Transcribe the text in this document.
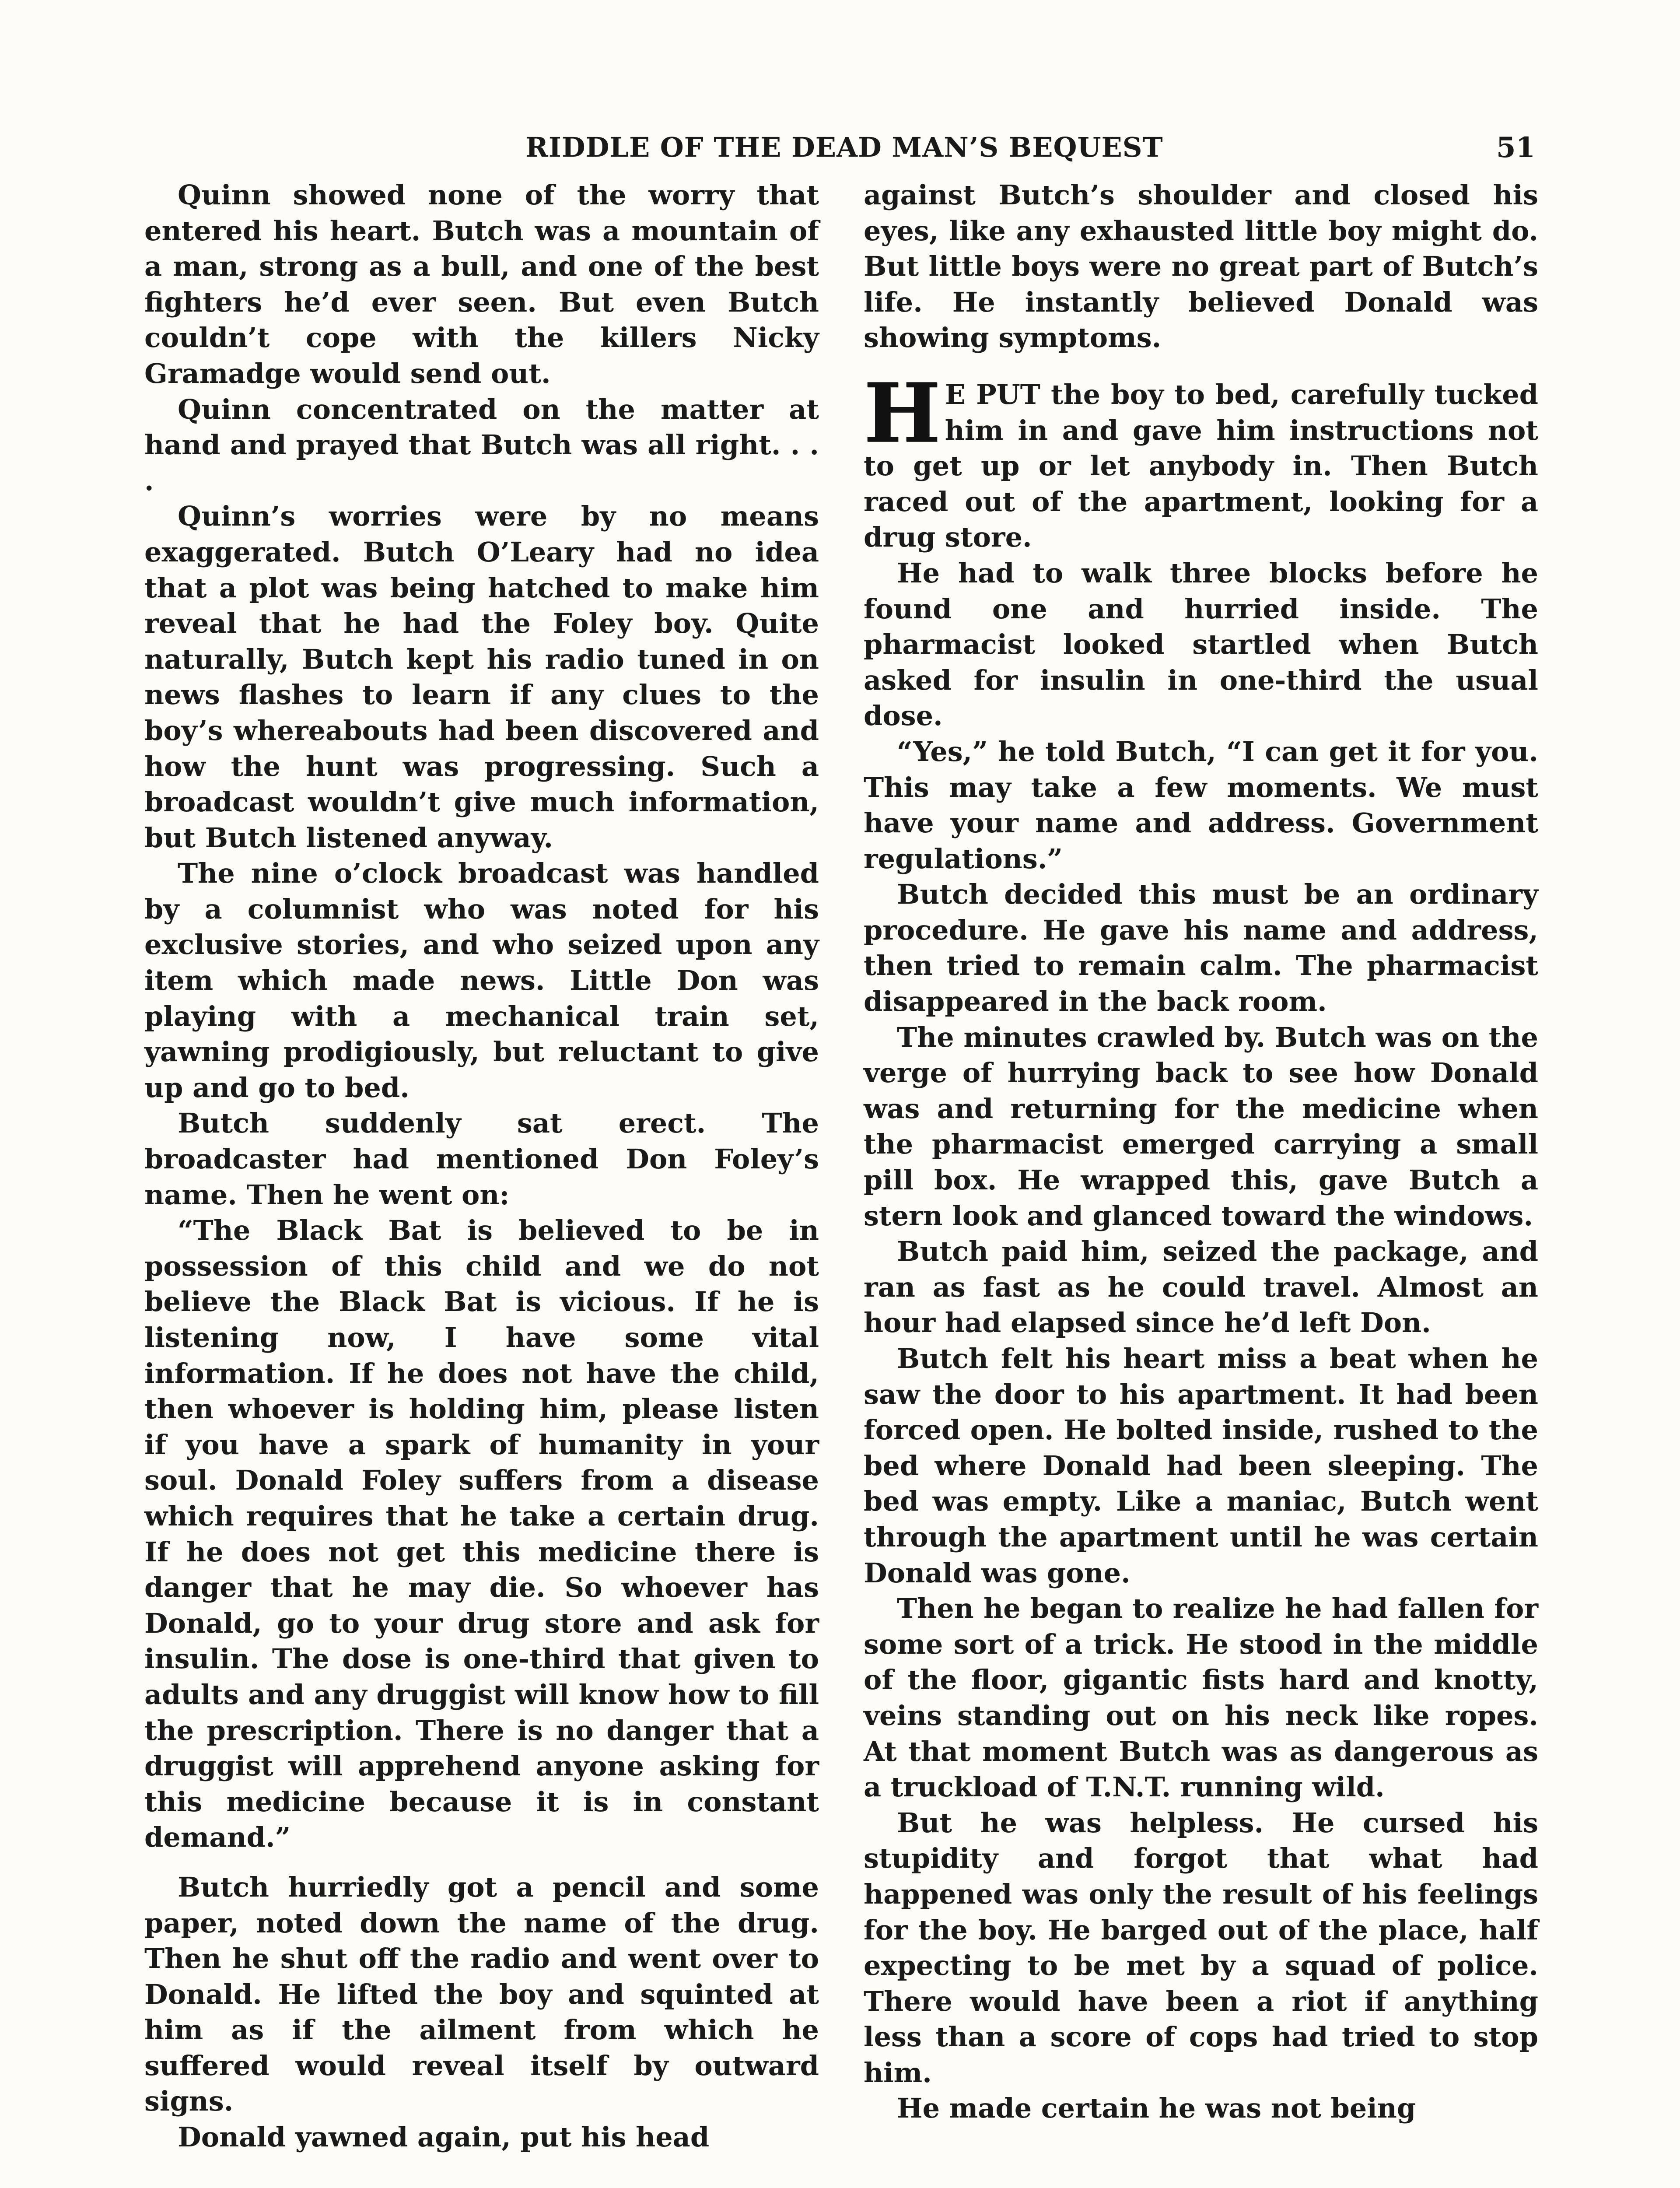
RIDDLE OF THE DEAD MAN’S BEQUEST	51

Quinn showed none of the worry that entered his heart. Butch was a mountain of a man, strong as a bull, and one of the best fighters he’d ever seen. But even Butch couldn’t cope with the killers Nicky Gramadge would send out.

Quinn concentrated on the matter at hand and prayed that Butch was all right. . . .

Quinn’s worries were by no means exaggerated. Butch O’Leary had no idea that a plot was being hatched to make him reveal that he had the Foley boy. Quite naturally, Butch kept his radio tuned in on news flashes to learn if any clues to the boy’s whereabouts had been discovered and how the hunt was progressing. Such a broadcast wouldn’t give much information, but Butch listened anyway.

The nine o’clock broadcast was handled by a columnist who was noted for his exclusive stories, and who seized upon any item which made news. Little Don was playing with a mechanical train set, yawning prodigiously, but reluctant to give up and go to bed.

Butch suddenly sat erect. The broadcaster had mentioned Don Foley’s name. Then he went on:

“The Black Bat is believed to be in possession of this child and we do not believe the Black Bat is vicious. If he is listening now, I have some vital information. If he does not have the child, then whoever is holding him, please listen if you have a spark of humanity in your soul. Donald Foley suffers from a disease which requires that he take a certain drug. If he does not get this medicine there is danger that he may die. So whoever has Donald, go to your drug store and ask for insulin. The dose is one-third that given to adults and any druggist will know how to fill the prescription. There is no danger that a druggist will apprehend anyone asking for this medicine because it is in constant demand.”

Butch hurriedly got a pencil and some paper, noted down the name of the drug. Then he shut off the radio and went over to Donald. He lifted the boy and squinted at him as if the ailment from which he suffered would reveal itself by outward signs.

Donald yawned again, put his head

against Butch’s shoulder and closed his eyes, like any exhausted little boy might do. But little boys were no great part of Butch’s life. He instantly believed Donald was showing symptoms.

H E PUT the boy to bed, carefully tucked him in and gave him instructions not to get up or let anybody in. Then Butch raced out of the apartment, looking for a drug store.

He had to walk three blocks before he found one and hurried inside. The pharmacist looked startled when Butch asked for insulin in one-third the usual dose.

“Yes,” he told Butch, “I can get it for you. This may take a few moments. We must have your name and address. Government regulations.”

Butch decided this must be an ordinary procedure. He gave his name and address, then tried to remain calm. The pharmacist disappeared in the back room.

The minutes crawled by. Butch was on the verge of hurrying back to see how Donald was and returning for the medicine when the pharmacist emerged carrying a small pill box. He wrapped this, gave Butch a stern look and glanced toward the windows.

Butch paid him, seized the package, and ran as fast as he could travel. Almost an hour had elapsed since he’d left Don.

Butch felt his heart miss a beat when he saw the door to his apartment. It had been forced open. He bolted inside, rushed to the bed where Donald had been sleeping. The bed was empty. Like a maniac, Butch went through the apartment until he was certain Donald was gone.

Then he began to realize he had fallen for some sort of a trick. He stood in the middle of the floor, gigantic fists hard and knotty, veins standing out on his neck like ropes. At that moment Butch was as dangerous as a truckload of T.N.T. running wild.

But he was helpless. He cursed his stupidity and forgot that what had happened was only the result of his feelings for the boy. He barged out of the place, half expecting to be met by a squad of police. There would have been a riot if anything less than a score of cops had tried to stop him.

He made certain he was not being
